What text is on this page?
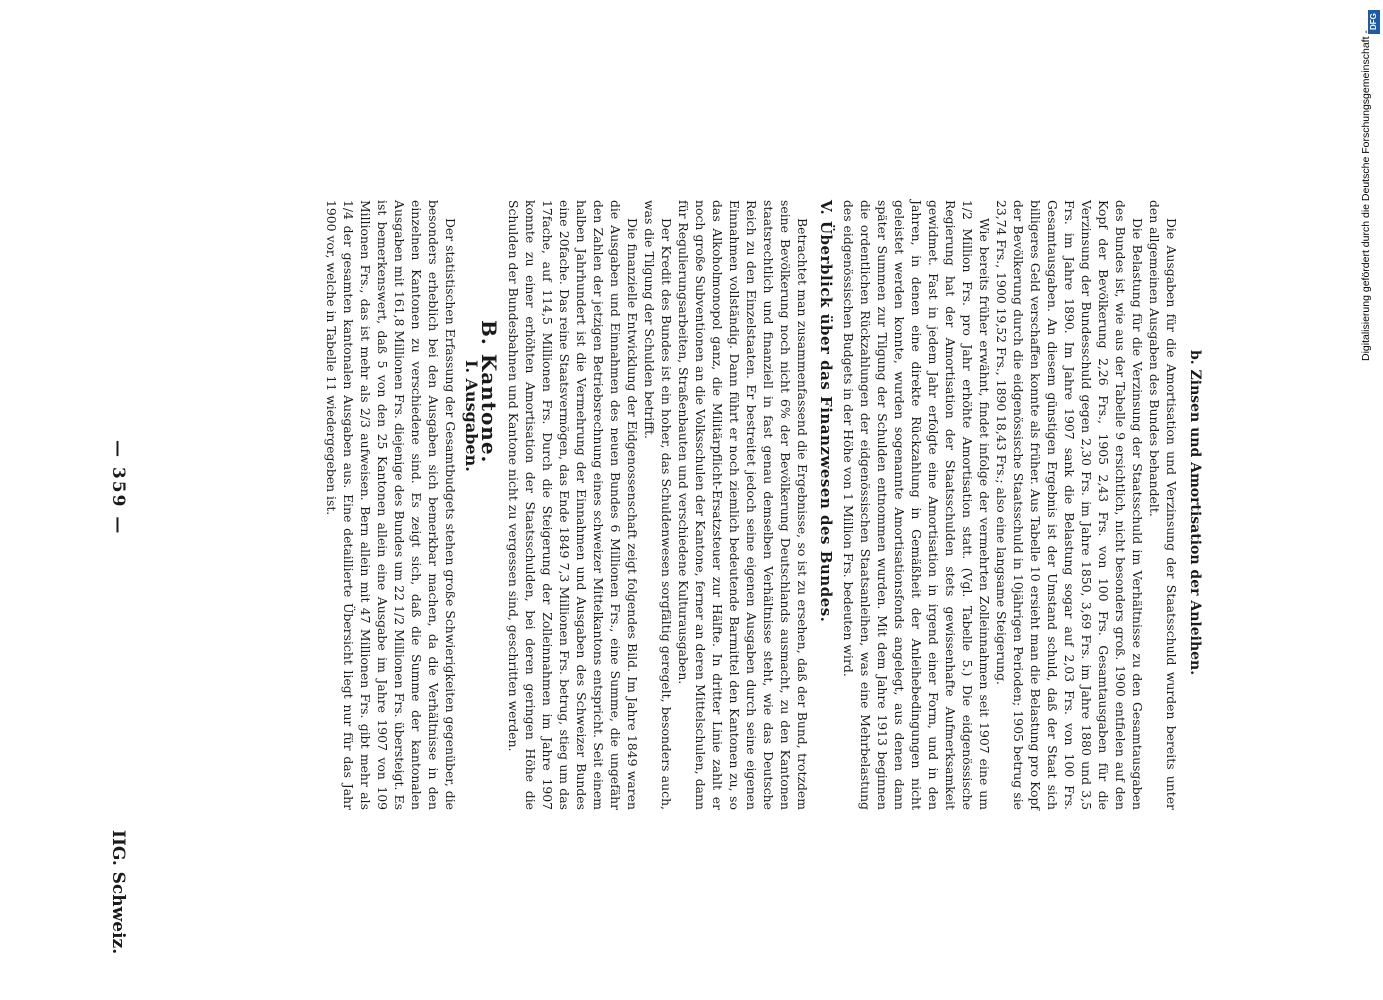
— 359 —
IIG. Schweiz.
b. Zinsen und Amortisation der Anleihen.

Die Ausgaben für die Amortisation und Verzinsung der Staatsschuld wurden bereits unter den allgemeinen Ausgaben des Bundes behandelt.

Die Belastung für die Verzinsung der Staatsschuld im Verhältnisse zu den Gesamtausgaben des Bundes ist, wie aus der Tabelle 9 ersichtlich, nicht besonders groß. 1900 entfielen auf den Kopf der Bevölkerung 2,26 Frs., 1905 2,43 Frs. von 100 Frs. Gesamtausgaben für die Verzinsung der Bundesschuld gegen 2,30 Frs. im Jahre 1850, 3,69 Frs. im Jahre 1880 und 3,5 Frs. im Jahre 1890. Im Jahre 1907 sank die Belastung sogar auf 2,03 Frs. von 100 Frs. Gesamtausgaben. An diesem günstigen Ergebnis ist der Umstand schuld, daß der Staat sich billigeres Geld verschaffen konnte als früher. Aus Tabelle 10 ersieht man die Belastung pro Kopf der Bevölkerung durch die eidgenössische Staatsschuld in 10jährigen Perioden; 1905 betrug sie 23,74 Frs., 1900 19,52 Frs., 1890 18,43 Frs.; also eine langsame Steigerung.

Wie bereits früher erwähnt, findet infolge der vermehrten Zolleinnahmen seit 1907 eine um 1/2 Million Frs. pro Jahr erhöhte Amortisation statt. (Vgl. Tabelle 5.) Die eidgenössische Regierung hat der Amortisation der Staatsschulden stets gewissenhafte Aufmerksamkeit gewidmet. Fast in jedem Jahr erfolgte eine Amortisation in irgend einer Form, und in den Jahren, in denen eine direkte Rückzahlung in Gemäßheit der Anleihebedingungen nicht geleistet werden konnte, wurden sogenannte Amortisationsfonds angelegt, aus denen dann später Summen zur Tilgung der Schulden entnommen wurden. Mit dem Jahre 1913 beginnen die ordentlichen Rückzahlungen der eidgenössischen Staatsanleihen, was eine Mehrbelastung des eidgenössischen Budgets in der Höhe von 1 Million Frs. bedeuten wird.

V. Überblick über das Finanzwesen des Bundes.

Betrachtet man zusammenfassend die Ergebnisse, so ist zu ersehen, daß der Bund, trotzdem seine Bevölkerung noch nicht 6% der Bevölkerung Deutschlands ausmacht, zu den Kantonen staatsrechtlich und finanziell in fast genau demselben Verhältnisse steht, wie das Deutsche Reich zu den Einzelstaaten. Er bestreitet jedoch seine eigenen Ausgaben durch seine eigenen Einnahmen vollständig. Dann führt er noch ziemlich bedeutende Barmittel den Kantonen zu, so das Alkoholmonopol ganz, die Militärpflicht-Ersatzsteuer zur Hälfte. In dritter Linie zahlt er noch große Subventionen an die Volksschulen der Kantone, ferner an deren Mittelschulen, dann für Regulierungsarbeiten, Straßenbauten und verschiedene Kulturausgaben.

Der Kredit des Bundes ist ein hoher, das Schuldenwesen sorgfältig geregelt, besonders auch, was die Tilgung der Schulden betrifft.

Die finanzielle Entwicklung der Eidgenossenschaft zeigt folgendes Bild. Im Jahre 1849 waren die Ausgaben und Einnahmen des neuen Bundes 6 Millionen Frs., eine Summe, die ungefähr den Zahlen der jetzigen Betriebsrechnung eines schweizer Mittelkantons entspricht. Seit einem halben Jahrhundert ist die Vermehrung der Einnahmen und Ausgaben des Schweizer Bundes eine 20fache. Das reine Staatsvermögen, das Ende 1849 7,3 Millionen Frs. betrug, stieg um das 17fache, auf 114,5 Millionen Frs. Durch die Steigerung der Zolleinnahmen im Jahre 1907 konnte zu einer erhöhten Amortisation der Staatsschulden, bei deren geringen Höhe die Schulden der Bundesbahnen und Kantone nicht zu vergessen sind, geschritten werden.

B. Kantone.
I. Ausgaben.

Der statistischen Erfassung der Gesamtbudgets stehen große Schwierigkeiten gegenüber, die besonders erheblich bei den Ausgaben sich bemerkbar machen, da die Verhältnisse in den einzelnen Kantonen zu verschiedene sind. Es zeigt sich, daß die Summe der kantonalen Ausgaben mit 161,8 Millionen Frs. diejenige des Bundes um 22 1/2 Millionen Frs. übersteigt. Es ist bemerkenswert, daß 5 von den 25 Kantonen allein eine Ausgabe im Jahre 1907 von 109 Millionen Frs., das ist mehr als 2/3 aufweisen. Bern allein mit 47 Millionen Frs. gibt mehr als 1/4 der gesamten kantonalen Ausgaben aus. Eine detaillierte Übersicht liegt nur für das Jahr 1900 vor, welche in Tabelle 11 wiedergegeben ist.

DFG
Digitalisierung gefördert durch die Deutsche Forschungsgemeinschaft -
